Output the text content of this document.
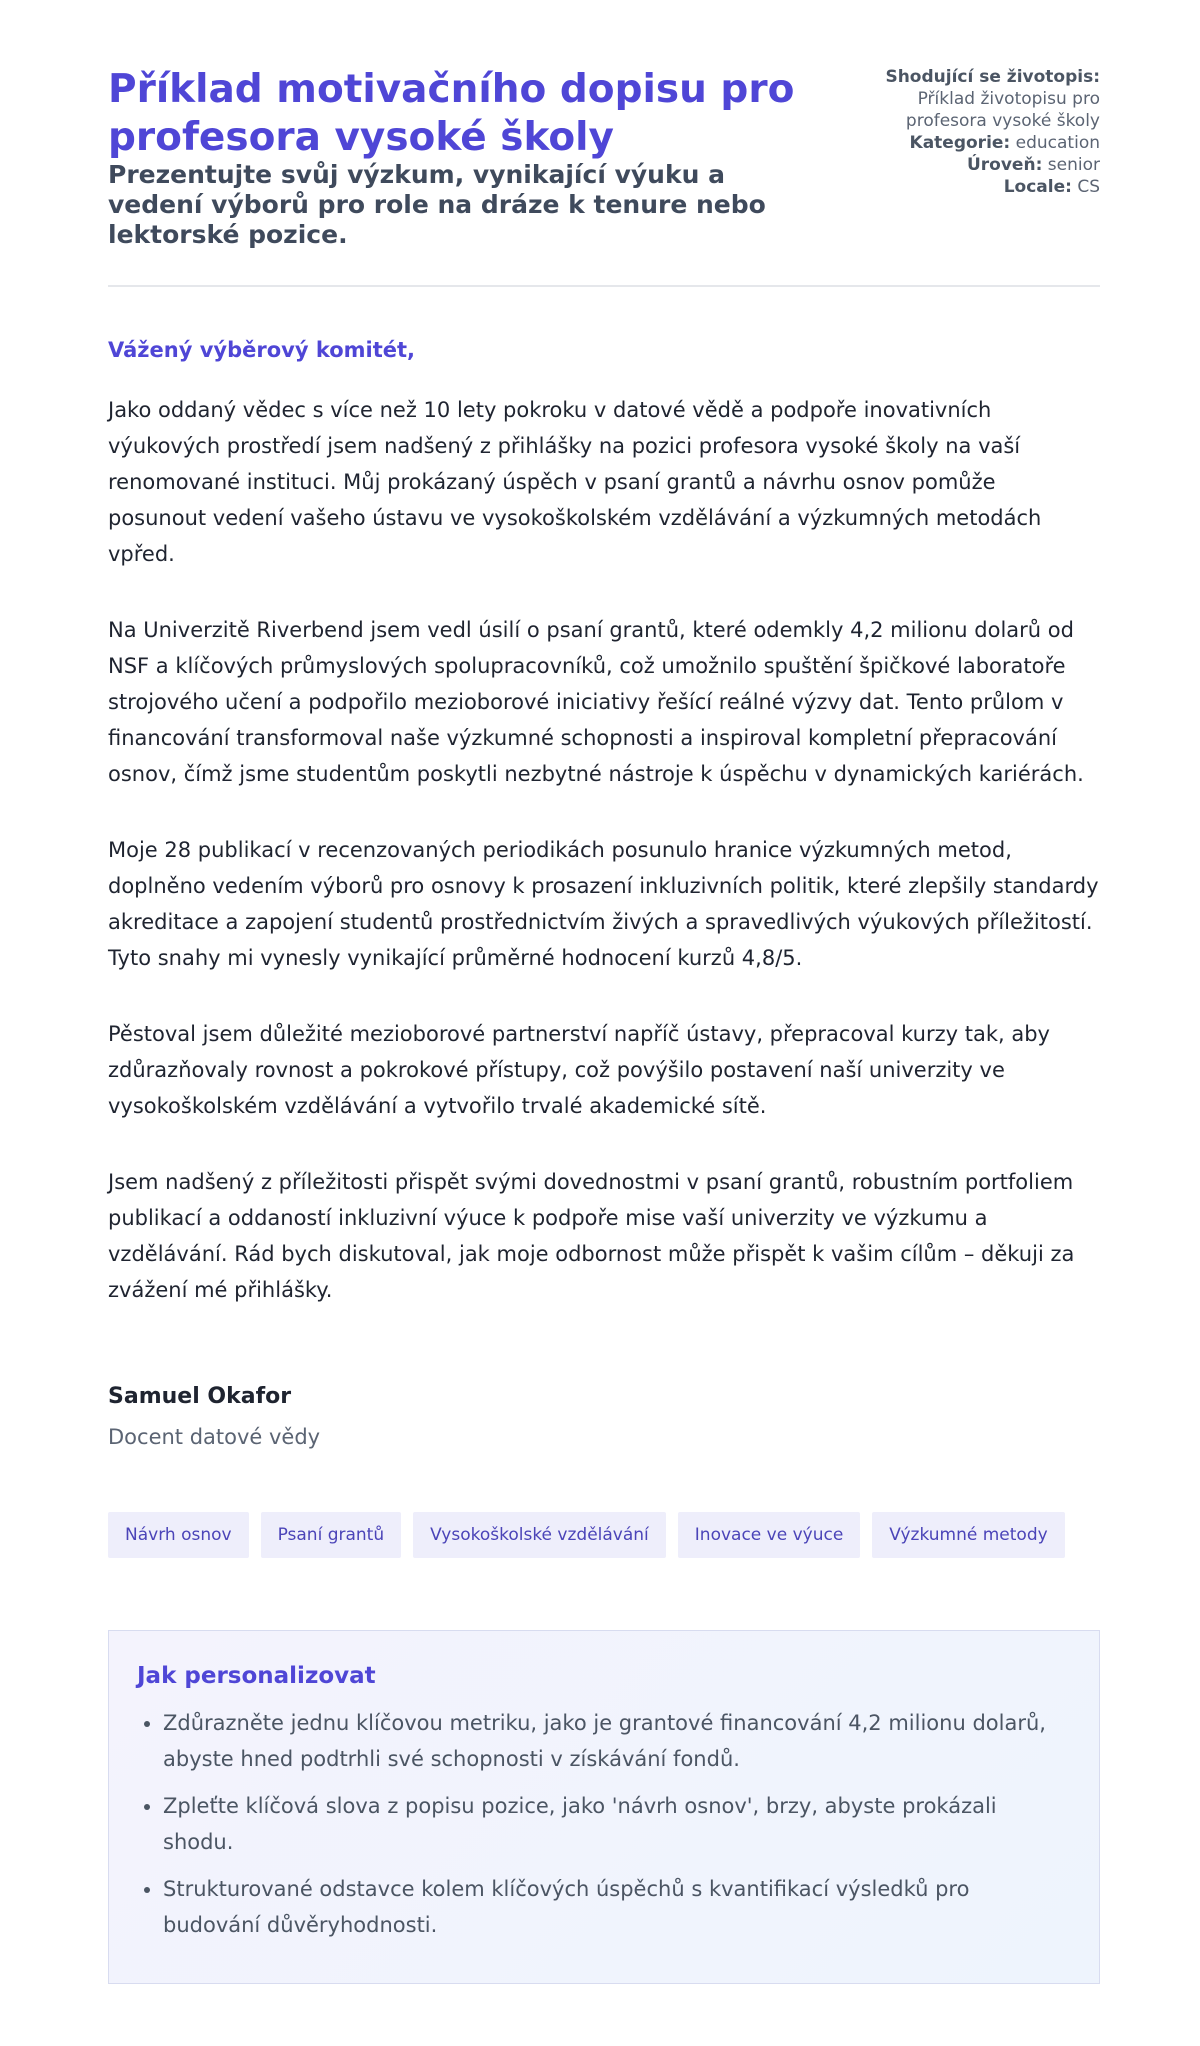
Příklad motivačního dopisu pro profesora vysoké školy
Prezentujte svůj výzkum, vynikající výuku a vedení výborů pro role na dráze k tenure nebo lektorské pozice.
Shodující se životopis:
Příklad životopisu pro profesora vysoké školy
Kategorie: education
Úroveň: senior
Locale: CS

Vážený výběrový komitét,

Jako oddaný vědec s více než 10 lety pokroku v datové vědě a podpoře inovativních výukových prostředí jsem nadšený z přihlášky na pozici profesora vysoké školy na vaší renomované instituci. Můj prokázaný úspěch v psaní grantů a návrhu osnov pomůže posunout vedení vašeho ústavu ve vysokoškolském vzdělávání a výzkumných metodách vpřed.

Na Univerzitě Riverbend jsem vedl úsilí o psaní grantů, které odemkly 4,2 milionu dolarů od NSF a klíčových průmyslových spolupracovníků, což umožnilo spuštění špičkové laboratoře strojového učení a podpořilo mezioborové iniciativy řešící reálné výzvy dat. Tento průlom v financování transformoval naše výzkumné schopnosti a inspiroval kompletní přepracování osnov, čímž jsme studentům poskytli nezbytné nástroje k úspěchu v dynamických kariérách.

Moje 28 publikací v recenzovaných periodikách posunulo hranice výzkumných metod, doplněno vedením výborů pro osnovy k prosazení inkluzivních politik, které zlepšily standardy akreditace a zapojení studentů prostřednictvím živých a spravedlivých výukových příležitostí. Tyto snahy mi vynesly vynikající průměrné hodnocení kurzů 4,8/5.

Pěstoval jsem důležité mezioborové partnerství napříč ústavy, přepracoval kurzy tak, aby zdůrazňovaly rovnost a pokrokové přístupy, což povýšilo postavení naší univerzity ve vysokoškolském vzdělávání a vytvořilo trvalé akademické sítě.

Jsem nadšený z příležitosti přispět svými dovednostmi v psaní grantů, robustním portfoliem publikací a oddaností inkluzivní výuce k podpoře mise vaší univerzity ve výzkumu a vzdělávání. Rád bych diskutoval, jak moje odbornost může přispět k vašim cílům – děkuji za zvážení mé přihlášky.

Samuel Okafor

Docent datové vědy

Návrh osnov	Psaní grantů	Vysokoškolské vzdělávání	Inovace ve výuce	Výzkumné metody
Jak personalizovat
• Zdůrazněte jednu klíčovou metriku, jako je grantové financování 4,2 milionu dolarů, abyste hned podtrhli své schopnosti v získávání fondů.
• Zpleťte klíčová slova z popisu pozice, jako 'návrh osnov', brzy, abyste prokázali shodu.
• Strukturované odstavce kolem klíčových úspěchů s kvantifikací výsledků pro budování důvěryhodnosti.
